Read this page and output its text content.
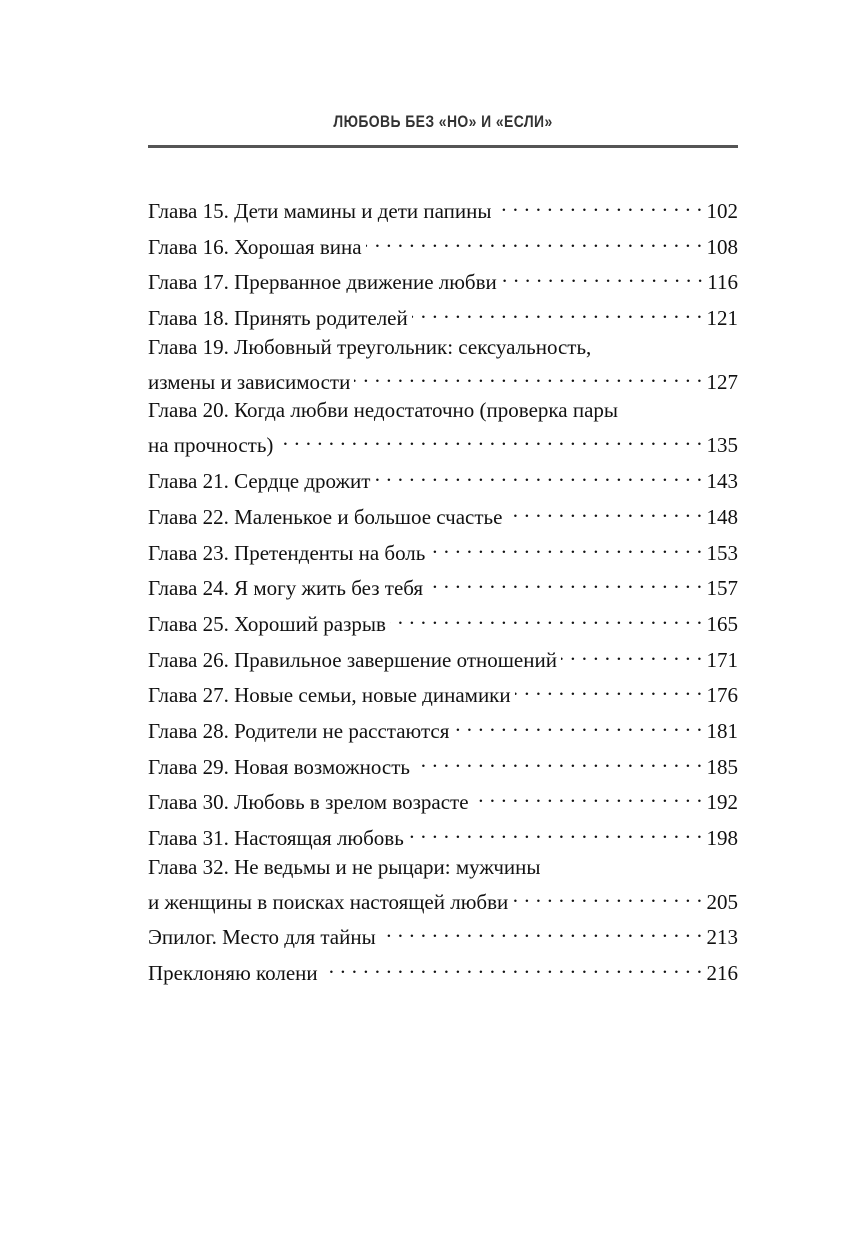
ЛЮБОВЬ БЕЗ «НО» И «ЕСЛИ»
Глава 15. Дети мамины и дети папины . . .	102
Глава 16. Хорошая вина . . .	108
Глава 17. Прерванное движение любви . . .	116
Глава 18. Принять родителей . . .	121
Глава 19. Любовный треугольник: сексуальность,
измены и зависимости . . .	127
Глава 20. Когда любви недостаточно (проверка пары
на прочность) . . .	135
Глава 21. Сердце дрожит . . .	143
Глава 22. Маленькое и большое счастье . . .	148
Глава 23. Претенденты на боль . . .	153
Глава 24. Я могу жить без тебя . . .	157
Глава 25. Хороший разрыв . . .	165
Глава 26. Правильное завершение отношений . . .	171
Глава 27. Новые семьи, новые динамики . . .	176
Глава 28. Родители не расстаются . . .	181
Глава 29. Новая возможность . . .	185
Глава 30. Любовь в зрелом возрасте . . .	192
Глава 31. Настоящая любовь . . .	198
Глава 32. Не ведьмы и не рыцари: мужчины
и женщины в поисках настоящей любви . . .	205
Эпилог. Место для тайны . . .	213
Преклоняю колени . . .	216
